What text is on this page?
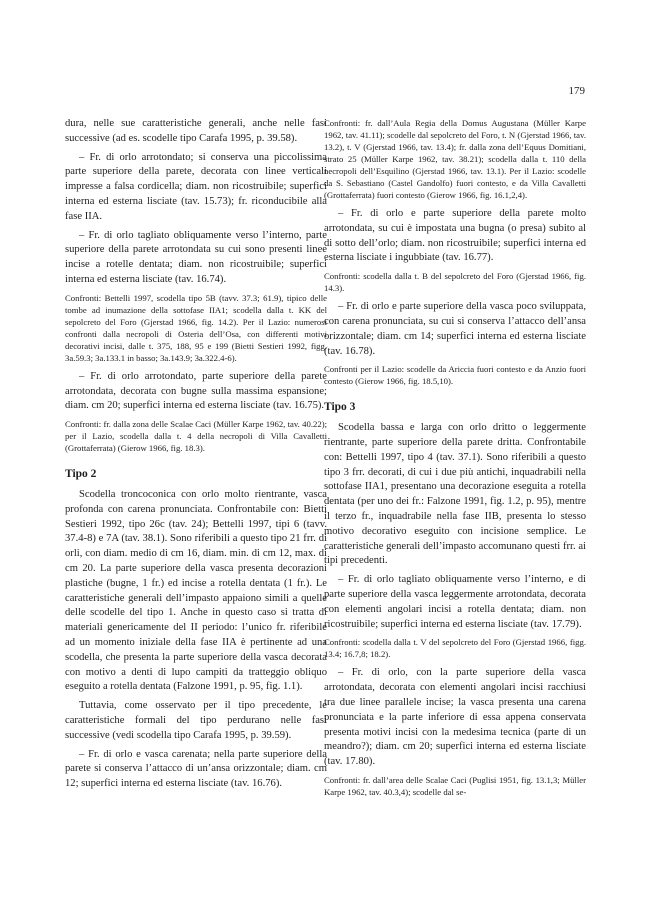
179

dura, nelle sue caratteristiche generali, anche nelle fasi successive (ad es. scodelle tipo Carafa 1995, p. 39.58).

– Fr. di orlo arrotondato; si conserva una piccolissima parte superiore della parete, decorata con linee verticali impresse a falsa cordicella; diam. non ricostruibile; superfici interna ed esterna lisciate (tav. 15.73); fr. riconducibile alla fase IIA.

– Fr. di orlo tagliato obliquamente verso l’interno, parte superiore della parete arrotondata su cui sono presenti linee incise a rotelle dentata; diam. non ricostruibile; superfici interna ed esterna lisciate (tav. 16.74).

Confronti: Bettelli 1997, scodella tipo 5B (tavv. 37.3; 61.9), tipico delle tombe ad inumazione della sottofase IIA1; scodella dalla t. KK del sepolcreto del Foro (Gjerstad 1966, fig. 14.2). Per il Lazio: numerosi confronti dalla necropoli di Osteria dell’Osa, con differenti motivi decorativi incisi, dalle t. 375, 188, 95 e 199 (Bietti Sestieri 1992, figg. 3a.59.3; 3a.133.1 in basso; 3a.143.9; 3a.322.4-6).

– Fr. di orlo arrotondato, parte superiore della parete arrotondata, decorata con bugne sulla massima espansione; diam. cm 20; superfici interna ed esterna lisciate (tav. 16.75).

Confronti: fr. dalla zona delle Scalae Caci (Müller Karpe 1962, tav. 40.22); per il Lazio, scodella dalla t. 4 della necropoli di Villa Cavalletti (Grottaferrata) (Gierow 1966, fig. 18.3).

Tipo 2

Scodella troncoconica con orlo molto rientrante, vasca profonda con carena pronunciata. Confrontabile con: Bietti Sestieri 1992, tipo 26c (tav. 24); Bettelli 1997, tipi 6 (tavv. 37.4-8) e 7A (tav. 38.1). Sono riferibili a questo tipo 21 frr. di orli, con diam. medio di cm 16, diam. min. di cm 12, max. di cm 20. La parte superiore della vasca presenta decorazioni plastiche (bugne, 1 fr.) ed incise a rotella dentata (1 fr.). Le caratteristiche generali dell’impasto appaiono simili a quelle delle scodelle del tipo 1. Anche in questo caso si tratta di materiali genericamente del II periodo: l’unico fr. riferibile ad un momento iniziale della fase IIA è pertinente ad una scodella, che presenta la parte superiore della vasca decorata con motivo a denti di lupo campiti da tratteggio obliquo eseguito a rotella dentata (Falzone 1991, p. 95, fig. 1.1).

Tuttavia, come osservato per il tipo precedente, le caratteristiche formali del tipo perdurano nelle fasi successive (vedi scodella tipo Carafa 1995, p. 39.59).

– Fr. di orlo e vasca carenata; nella parte superiore della parete si conserva l’attacco di un’ansa orizzontale; diam. cm 12; superfici interna ed esterna lisciate (tav. 16.76).

Confronti: fr. dall’Aula Regia della Domus Augustana (Müller Karpe 1962, tav. 41.11); scodelle dal sepolcreto del Foro, t. N (Gjerstad 1966, tav. 13.2), t. V (Gjerstad 1966, tav. 13.4); fr. dalla zona dell’Equus Domitiani, strato 25 (Müller Karpe 1962, tav. 38.21); scodella dalla t. 110 della necropoli dell’Esquilino (Gjerstad 1966, tav. 13.1). Per il Lazio: scodelle da S. Sebastiano (Castel Gandolfo) fuori contesto, e da Villa Cavalletti (Grottaferrata) fuori contesto (Gierow 1966, fig. 16.1,2,4).

– Fr. di orlo e parte superiore della parete molto arrotondata, su cui è impostata una bugna (o presa) subito al di sotto dell’orlo; diam. non ricostruibile; superfici interna ed esterna lisciate i ingubbiate (tav. 16.77).

Confronti: scodella dalla t. B del sepolcreto del Foro (Gjerstad 1966, fig. 14.3).

– Fr. di orlo e parte superiore della vasca poco sviluppata, con carena pronunciata, su cui si conserva l’attacco dell’ansa orizzontale; diam. cm 14; superfici interna ed esterna lisciate (tav. 16.78).

Confronti per il Lazio: scodelle da Ariccia fuori contesto e da Anzio fuori contesto (Gierow 1966, fig. 18.5,10).

Tipo 3

Scodella bassa e larga con orlo dritto o leggermente rientrante, parte superiore della parete dritta. Confrontabile con: Bettelli 1997, tipo 4 (tav. 37.1). Sono riferibili a questo tipo 3 frr. decorati, di cui i due più antichi, inquadrabili nella sottofase IIA1, presentano una decorazione eseguita a rotella dentata (per uno dei fr.: Falzone 1991, fig. 1.2, p. 95), mentre il terzo fr., inquadrabile nella fase IIB, presenta lo stesso motivo decorativo eseguito con incisione semplice. Le caratteristiche generali dell’impasto accomunano questi frr. ai tipi precedenti.

– Fr. di orlo tagliato obliquamente verso l’interno, e di parte superiore della vasca leggermente arrotondata, decorata con elementi angolari incisi a rotella dentata; diam. non ricostruibile; superfici interna ed esterna lisciate (tav. 17.79).

Confronti: scodella dalla t. V del sepolcreto del Foro (Gjerstad 1966, figg. 13.4; 16.7,8; 18.2).

– Fr. di orlo, con la parte superiore della vasca arrotondata, decorata con elementi angolari incisi racchiusi tra due linee parallele incise; la vasca presenta una carena pronunciata e la parte inferiore di essa appena conservata presenta motivi incisi con la medesima tecnica (parte di un meandro?); diam. cm 20; superfici interna ed esterna lisciate (tav. 17.80).

Confronti: fr. dall’area delle Scalae Caci (Puglisi 1951, fig. 13.1,3; Müller Karpe 1962, tav. 40.3,4); scodelle dal se-
